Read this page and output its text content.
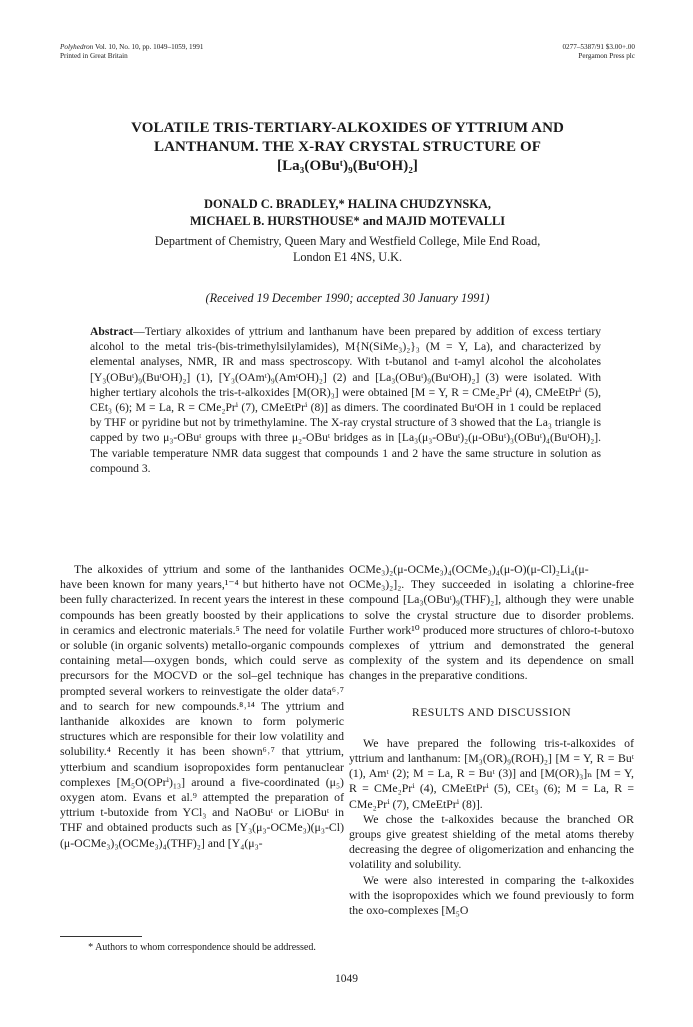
Polyhedron Vol. 10, No. 10, pp. 1049–1059, 1991
Printed in Great Britain
0277–5387/91 $3.00+.00
Pergamon Press plc
VOLATILE TRIS-TERTIARY-ALKOXIDES OF YTTRIUM AND
LANTHANUM. THE X-RAY CRYSTAL STRUCTURE OF
[La₃(OBuᵗ)₉(BuᵗOH)₂]
DONALD C. BRADLEY,* HALINA CHUDZYNSKA,
MICHAEL B. HURSTHOUSE* and MAJID MOTEVALLI
Department of Chemistry, Queen Mary and Westfield College, Mile End Road,
London E1 4NS, U.K.
(Received 19 December 1990; accepted 30 January 1991)
Abstract—Tertiary alkoxides of yttrium and lanthanum have been prepared by addition of excess tertiary alcohol to the metal tris-(bis-trimethylsilylamides), M{N(SiMe₃)₂}₃ (M = Y, La), and characterized by elemental analyses, NMR, IR and mass spectroscopy. With t-butanol and t-amyl alcohol the alcoholates [Y₃(OBuᵗ)₉(BuᵗOH)₂] (1), [Y₃(OAmᵗ)₉(AmᵗOH)₂] (2) and [La₃(OBuᵗ)₉(BuᵗOH)₂] (3) were isolated. With higher tertiary alcohols the tris-t-alkoxides [M(OR)₃] were obtained [M = Y, R = CMe₂Prⁱ (4), CMeEtPrⁱ (5), CEt₃ (6); M = La, R = CMe₂Prⁱ (7), CMeEtPrⁱ (8)] as dimers. The coordinated BuᵗOH in 1 could be replaced by THF or pyridine but not by trimethylamine. The X-ray crystal structure of 3 showed that the La₃ triangle is capped by two μ₃-OBuᵗ groups with three μ₂-OBuᵗ bridges as in [La₃(μ₃-OBuᵗ)₂(μ-OBuᵗ)₃(OBuᵗ)₄(BuᵗOH)₂]. The variable temperature NMR data suggest that compounds 1 and 2 have the same structure in solution as compound 3.

The alkoxides of yttrium and some of the lanthanides have been known for many years,¹⁻⁴ but hitherto have not been fully characterized. In recent years the interest in these compounds has been greatly boosted by their applications in ceramics and electronic materials.⁵ The need for volatile or soluble (in organic solvents) metallo-organic compounds containing metal—oxygen bonds, which could serve as precursors for the MOCVD or the sol–gel technique has prompted several workers to reinvestigate the older data⁶˒⁷ and to search for new compounds.⁸˒¹⁴ The yttrium and lanthanide alkoxides are known to form polymeric structures which are responsible for their low volatility and solubility.⁴ Recently it has been shown⁶˒⁷ that yttrium, ytterbium and scandium isopropoxides form pentanuclear complexes [M₅O(OPrⁱ)₁₃] around a five-coordinated (μ₅) oxygen atom. Evans et al.⁹ attempted the preparation of yttrium t-butoxide from YCl₃ and NaOBuᵗ or LiOBuᵗ in THF and obtained products such as [Y₃(μ₃-OCMe₃)(μ₃-Cl)(μ-OCMe₃)₃(OCMe₃)₄(THF)₂] and [Y₄(μ₃-

OCMe₃)₂(μ-OCMe₃)₄(OCMe₃)₄(μ-O)(μ-Cl)₂Li₄(μ-OCMe₃)₂]₂. They succeeded in isolating a chlorine-free compound [La₃(OBuᵗ)₉(THF)₂], although they were unable to solve the crystal structure due to disorder problems. Further work¹⁰ produced more structures of chloro-t-butoxo complexes of yttrium and demonstrated the general complexity of the system and its dependence on small changes in the preparative conditions.

RESULTS AND DISCUSSION

We have prepared the following tris-t-alkoxides of yttrium and lanthanum: [M₃(OR)₉(ROH)₂] [M = Y, R = Buᵗ (1), Amᵗ (2); M = La, R = Buᵗ (3)] and [M(OR)₃]ₙ [M = Y, R = CMe₂Prⁱ (4), CMeEtPrⁱ (5), CEt₃ (6); M = La, R = CMe₂Prⁱ (7), CMeEtPrⁱ (8)].

We chose the t-alkoxides because the branched OR groups give greatest shielding of the metal atoms thereby decreasing the degree of oligomerization and enhancing the volatility and solubility.

We were also interested in comparing the t-alkoxides with the isopropoxides which we found previously to form the oxo-complexes [M₅O

* Authors to whom correspondence should be addressed.
1049
